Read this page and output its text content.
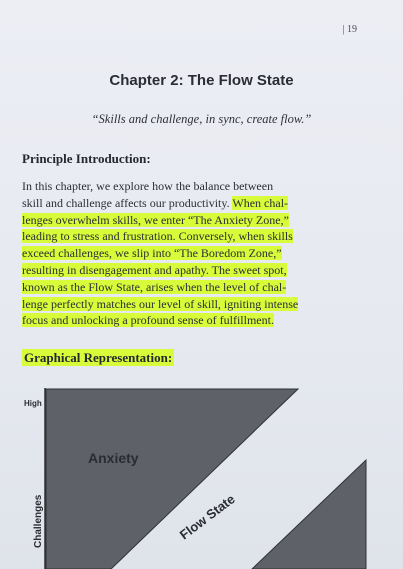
| 19
Chapter 2: The Flow State
“Skills and challenge, in sync, create flow.”
Principle Introduction:
In this chapter, we explore how the balance between
skill and challenge affects our productivity. When chal-
lenges overwhelm skills, we enter “The Anxiety Zone,”
leading to stress and frustration. Conversely, when skills
exceed challenges, we slip into “The Boredom Zone,”
resulting in disengagement and apathy. The sweet spot,
known as the Flow State, arises when the level of chal-
lenge perfectly matches our level of skill, igniting intense
focus and unlocking a profound sense of fulfillment.
Graphical Representation:
High
Challenges
Anxiety
Flow State
